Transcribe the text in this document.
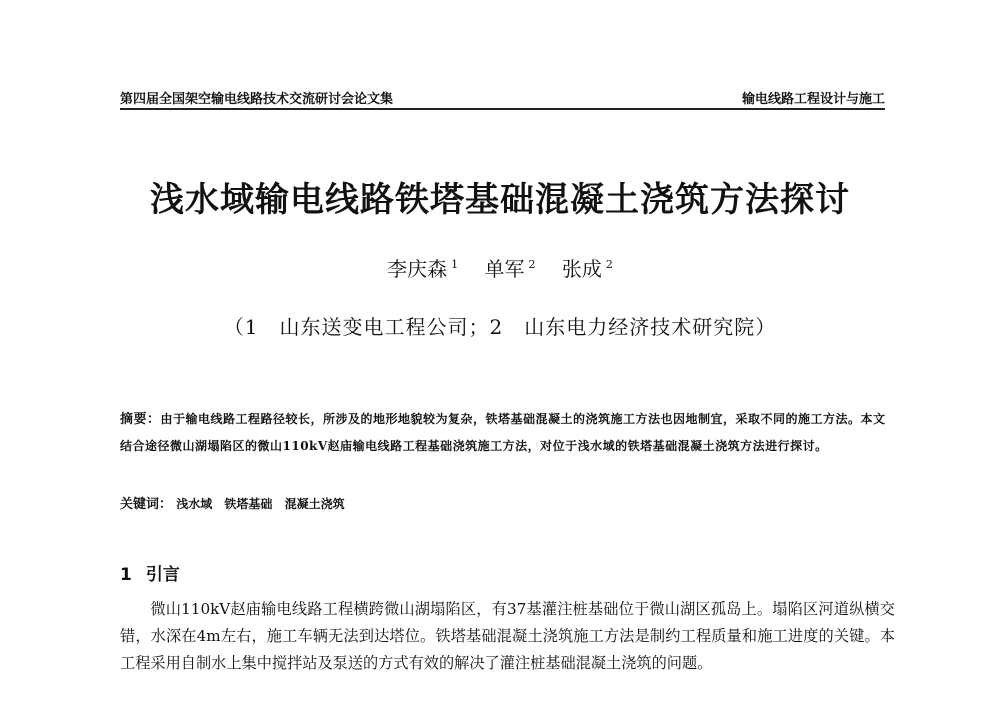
第四届全国架空输电线路技术交流研讨会论文集	输电线路工程设计与施工
浅水域输电线路铁塔基础混凝土浇筑方法探讨
李庆森 $^1$ 单军 $^2$ 张成 $^2$
（1　山东送变电工程公司；2　山东电力经济技术研究院）
摘要：由于输电线路工程路径较长，所涉及的地形地貌较为复杂，铁塔基础混凝土的浇筑施工方法也因地制宜，采取不同的施工方法。本文结合途径微山湖塌陷区的微山110kV赵庙输电线路工程基础浇筑施工方法，对位于浅水域的铁塔基础混凝土浇筑方法进行探讨。
关键词： 浅水域 铁塔基础 混凝土浇筑
1 引言
微山110kV赵庙输电线路工程横跨微山湖塌陷区，有37基灌注桩基础位于微山湖区孤岛上。塌陷区河道纵横交错，水深在4m左右，施工车辆无法到达塔位。铁塔基础混凝土浇筑施工方法是制约工程质量和施工进度的关键。本工程采用自制水上集中搅拌站及泵送的方式有效的解决了灌注桩基础混凝土浇筑的问题。
